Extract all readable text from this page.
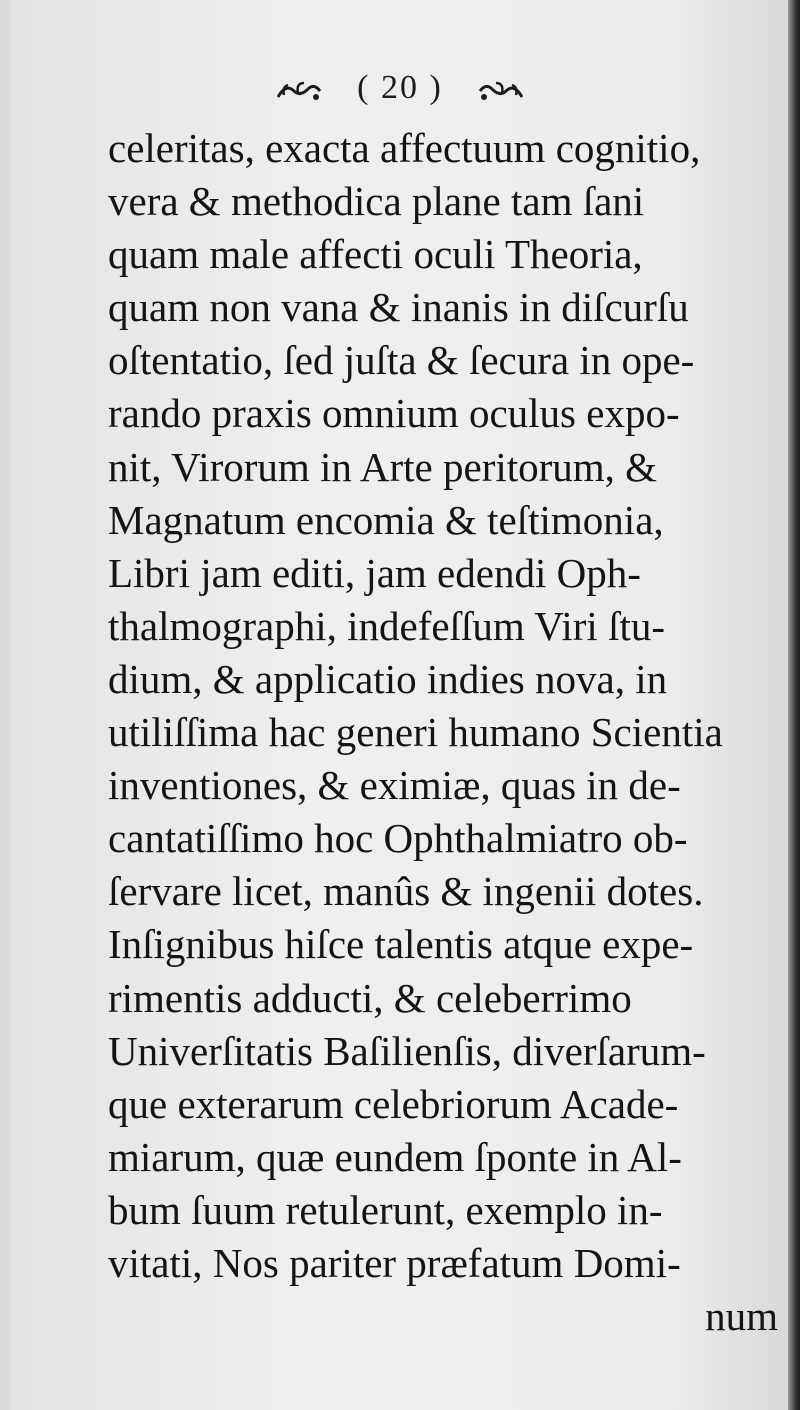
( 20 )
celeritas, exacta affectuum cognitio,
vera & methodica plane tam ſani
quam male affecti oculi Theoria,
quam non vana & inanis in diſcurſu
oſtentatio, ſed juſta & ſecura in ope-
rando praxis omnium oculus expo-
nit, Virorum in Arte peritorum, &
Magnatum encomia & teſtimonia,
Libri jam editi, jam edendi Oph-
thalmographi, indefeſſum Viri ſtu-
dium, & applicatio indies nova, in
utiliſſima hac generi humano Scientia
inventiones, & eximiæ, quas in de-
cantatiſſimo hoc Ophthalmiatro ob-
ſervare licet, manûs & ingenii dotes.
Inſignibus hiſce talentis atque expe-
rimentis adducti, & celeberrimo
Univerſitatis Baſilienſis, diverſarum-
que exterarum celebriorum Acade-
miarum, quæ eundem ſponte in Al-
bum ſuum retulerunt, exemplo in-
vitati, Nos pariter præfatum Domi-
num
